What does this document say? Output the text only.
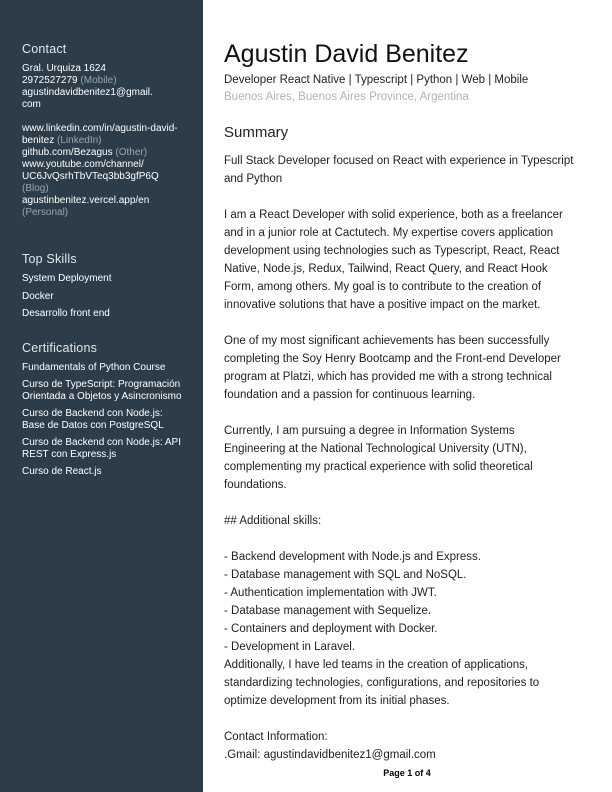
Contact
Gral. Urquiza 1624
2972527279 (Mobile)
agustindavidbenitez1@gmail.
com
www.linkedin.com/in/agustin-david-
benitez (LinkedIn)
github.com/Bezagus (Other)
www.youtube.com/channel/
UC6JvQsrhTbVTeq3bb3gfP6Q
(Blog)
agustinbenitez.vercel.app/en
(Personal)
Top Skills
System Deployment
Docker
Desarrollo front end
Certifications
Fundamentals of Python Course
Curso de TypeScript: Programación
Orientada a Objetos y Asincronismo
Curso de Backend con Node.js:
Base de Datos con PostgreSQL
Curso de Backend con Node.js: API
REST con Express.js
Curso de React.js
Agustin David Benitez
Developer React Native | Typescript | Python | Web | Mobile
Buenos Aires, Buenos Aires Province, Argentina
Summary
Full Stack Developer focused on React with experience in Typescript
and Python
I am a React Developer with solid experience, both as a freelancer
and in a junior role at Cactutech. My expertise covers application
development using technologies such as Typescript, React, React
Native, Node.js, Redux, Tailwind, React Query, and React Hook
Form, among others. My goal is to contribute to the creation of
innovative solutions that have a positive impact on the market.
One of my most significant achievements has been successfully
completing the Soy Henry Bootcamp and the Front-end Developer
program at Platzi, which has provided me with a strong technical
foundation and a passion for continuous learning.
Currently, I am pursuing a degree in Information Systems
Engineering at the National Technological University (UTN),
complementing my practical experience with solid theoretical
foundations.
## Additional skills:
- Backend development with Node.js and Express.
- Database management with SQL and NoSQL.
- Authentication implementation with JWT.
- Database management with Sequelize.
- Containers and deployment with Docker.
- Development in Laravel.
Additionally, I have led teams in the creation of applications,
standardizing technologies, configurations, and repositories to
optimize development from its initial phases.
Contact Information:
.Gmail: agustindavidbenitez1@gmail.com
Page 1 of 4
